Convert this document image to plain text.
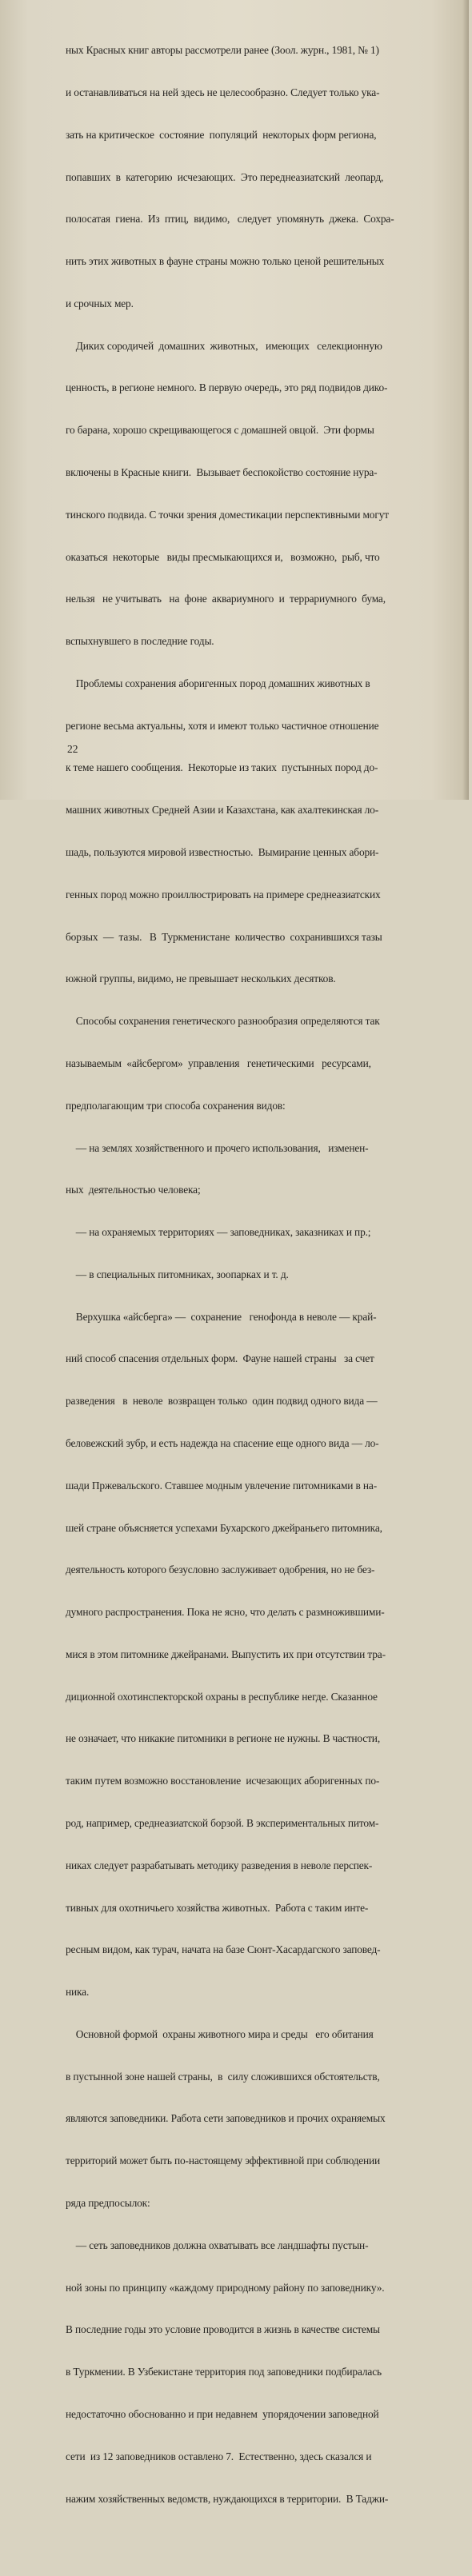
ных Красных книг авторы рассмотрели ранее (Зоол. журн., 1981, № 1)

и останавливаться на ней здесь не целесообразно. Следует только ука-

зать на критическое  состояние  популяций  некоторых форм региона,

попавших  в  категорию  исчезающих.  Это переднеазиатский  леопард,

полосатая  гиена.  Из  птиц,  видимо,   следует  упомянуть  джека.  Сохра-

нить этих животных в фауне страны можно только ценой решительных

и срочных мер.

Диких сородичей  домашних  животных,   имеющих   селекционную

ценность, в регионе немного. В первую очередь, это ряд подвидов дико-

го барана, хорошо скрещивающегося с домашней овцой.  Эти формы

включены в Красные книги.  Вызывает беспокойство состояние нура-

тинского подвида. С точки зрения доместикации перспективными могут

оказаться  некоторые   виды пресмыкающихся и,   возможно,  рыб, что

нельзя   не учитывать   на  фоне  аквариумного  и  террариумного  бума,

вспыхнувшего в последние годы.

Проблемы сохранения аборигенных пород домашних животных в

регионе весьма актуальны, хотя и имеют только частичное отношение

к теме нашего сообщения.  Некоторые из таких  пустынных пород до-

машних животных Средней Азии и Казахстана, как ахалтекинская ло-

шадь, пользуются мировой известностью.  Вымирание ценных абори-

генных пород можно проиллюстрировать на примере среднеазиатских

борзых  —  тазы.   В  Туркменистане  количество  сохранившихся тазы

южной группы, видимо, не превышает нескольких десятков.

Способы сохранения генетического разнообразия определяются так

называемым  «айсбергом»  управления   генетическими   ресурсами,

предполагающим три способа сохранения видов:

— на землях хозяйственного и прочего использования,   изменен-

ных  деятельностью человека;

— на охраняемых территориях — заповедниках, заказниках и пр.;

— в специальных питомниках, зоопарках и т. д.

Верхушка «айсберга» —  сохранение   генофонда в неволе — край-

ний способ спасения отдельных форм.  Фауне нашей страны   за счет

разведения   в  неволе  возвращен только  один подвид одного вида —

беловежский зубр, и есть надежда на спасение еще одного вида — ло-

шади Пржевальского. Ставшее модным увлечение питомниками в на-

шей стране объясняется успехами Бухарского джейраньего питомника,

деятельность которого безусловно заслуживает одобрения, но не без-

думного распространения. Пока не ясно, что делать с размножившими-

мися в этом питомнике джейранами. Выпустить их при отсутствии тра-

диционной охотинспекторской охраны в республике негде. Сказанное

не означает, что никакие питомники в регионе не нужны. В частности,

таким путем возможно восстановление  исчезающих аборигенных по-

род, например, среднеазиатской борзой. В экспериментальных питом-

никах следует разрабатывать методику разведения в неволе перспек-

тивных для охотничьего хозяйства животных.  Работа с таким инте-

ресным видом, как турач, начата на базе Сюнт-Хасардагского заповед-

ника.

Основной формой  охраны животного мира и среды   его обитания

в пустынной зоне нашей страны,  в  силу сложившихся обстоятельств,

являются заповедники. Работа сети заповедников и прочих охраняемых

территорий может быть по-настоящему эффективной при соблюдении

ряда предпосылок:

— сеть заповедников должна охватывать все ландшафты пустын-

ной зоны по принципу «каждому природному району по заповеднику».

В последние годы это условие проводится в жизнь в качестве системы

в Туркмении. В Узбекистане территория под заповедники подбиралась

недостаточно обоснованно и при недавнем  упорядочении заповедной

сети  из 12 заповедников оставлено 7.  Естественно, здесь сказался и

нажим хозяйственных ведомств, нуждающихся в территории.  В Таджи-

22
